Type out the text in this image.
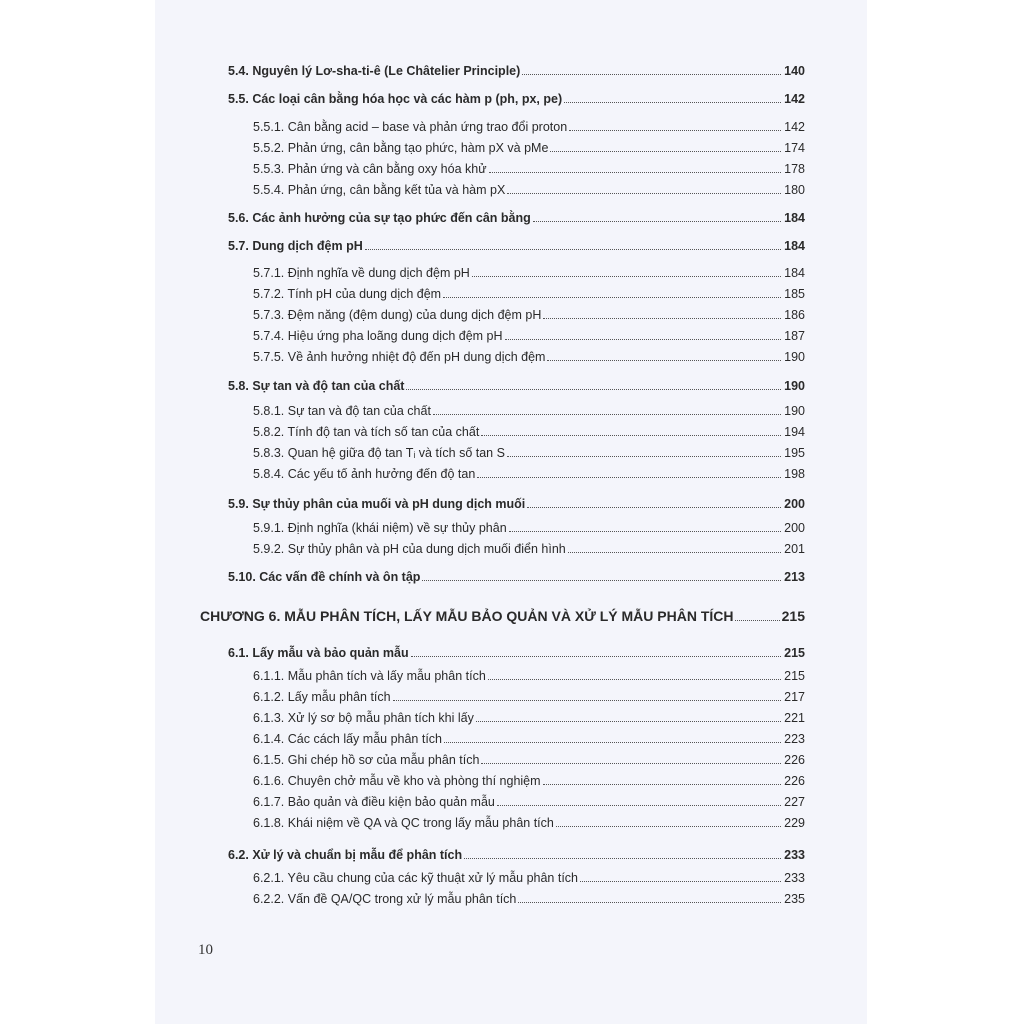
5.4. Nguyên lý Lơ-sha-ti-ê (Le Châtelier Principle)	140
5.5. Các loại cân bằng hóa học và các hàm p (ph, px, pe)	142
5.5.1. Cân bằng acid – base và phản ứng trao đổi proton	142
5.5.2. Phản ứng, cân bằng tạo phức, hàm pX và pMe	174
5.5.3. Phản ứng và cân bằng oxy hóa khử	178
5.5.4. Phản ứng, cân bằng kết tủa và hàm pX	180
5.6. Các ảnh hưởng của sự tạo phức đến cân bằng	184
5.7. Dung dịch đệm pH	184
5.7.1. Định nghĩa về dung dịch đệm pH	184
5.7.2. Tính pH của dung dịch đệm	185
5.7.3. Đệm năng (đệm dung) của dung dịch đệm pH	186
5.7.4. Hiệu ứng pha loãng dung dịch đệm pH	187
5.7.5. Về ảnh hưởng nhiệt độ đến pH dung dịch đệm	190
5.8. Sự tan và độ tan của chất	190
5.8.1. Sự tan và độ tan của chất	190
5.8.2. Tính độ tan và tích số tan của chất	194
5.8.3. Quan hệ giữa độ tan Tᵢ và tích số tan S	195
5.8.4. Các yếu tố ảnh hưởng đến độ tan	198
5.9. Sự thủy phân của muối và pH dung dịch muối	200
5.9.1. Định nghĩa (khái niệm) về sự thủy phân	200
5.9.2. Sự thủy phân và pH của dung dịch muối điển hình	201
5.10. Các vấn đề chính và ôn tập	213
CHƯƠNG 6. MẪU PHÂN TÍCH, LẤY MẪU BẢO QUẢN VÀ XỬ LÝ MẪU PHÂN TÍCH	215
6.1. Lấy mẫu và bảo quản mẫu	215
6.1.1. Mẫu phân tích và lấy mẫu phân tích	215
6.1.2. Lấy mẫu phân tích	217
6.1.3. Xử lý sơ bộ mẫu phân tích khi lấy	221
6.1.4. Các cách lấy mẫu phân tích	223
6.1.5. Ghi chép hồ sơ của mẫu phân tích	226
6.1.6. Chuyên chở mẫu về kho và phòng thí nghiệm	226
6.1.7. Bảo quản và điều kiện bảo quản mẫu	227
6.1.8. Khái niệm về QA và QC trong lấy mẫu phân tích	229
6.2. Xử lý và chuẩn bị mẫu để phân tích	233
6.2.1. Yêu cầu chung của các kỹ thuật xử lý mẫu phân tích	233
6.2.2. Vấn đề QA/QC trong xử lý mẫu phân tích	235
10
